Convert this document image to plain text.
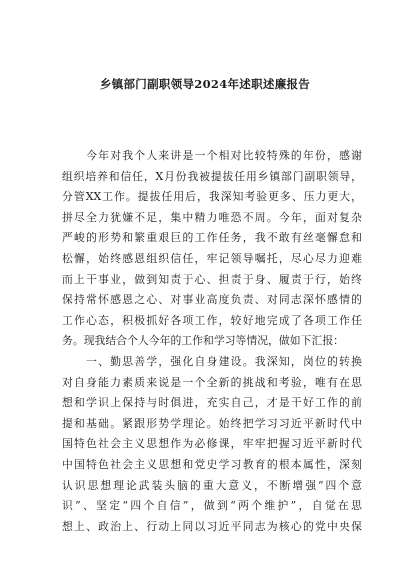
乡镇部门副职领导2024年述职述廉报告
　　今年对我个人来讲是一个相对比较特殊的年份，感谢
组织培养和信任，X月份我被提拔任用乡镇部门副职领导，
分管XX工作。提拔任用后，我深知考验更多、压力更大，
拼尽全力犹嫌不足，集中精力唯恐不周。今年，面对复杂
严峻的形势和繁重艰巨的工作任务，我不敢有丝毫懈怠和
松懈，始终感恩组织信任，牢记领导嘱托，尽心尽力迎难
而上干事业，做到知责于心、担责于身、履责于行，始终
保持常怀感恩之心、对事业高度负责、对同志深怀感情的
工作心态，积极抓好各项工作，较好地完成了各项工作任
务。现我结合个人今年的工作和学习等情况，做如下汇报：
　　一、勤思善学，强化自身建设。我深知，岗位的转换
对自身能力素质来说是一个全新的挑战和考验，唯有在思
想和学识上保持与时俱进，充实自己，才是干好工作的前
提和基础。紧跟形势学理论。始终把学习习近平新时代中
国特色社会主义思想作为必修课，牢牢把握习近平新时代
中国特色社会主义思想和党史学习教育的根本属性，深刻
认识思想理论武装头脑的重大意义，不断增强“四个意
识”、坚定“四个自信”，做到“两个维护”，自觉在思
想上、政治上、行动上同以习近平同志为核心的党中央保
